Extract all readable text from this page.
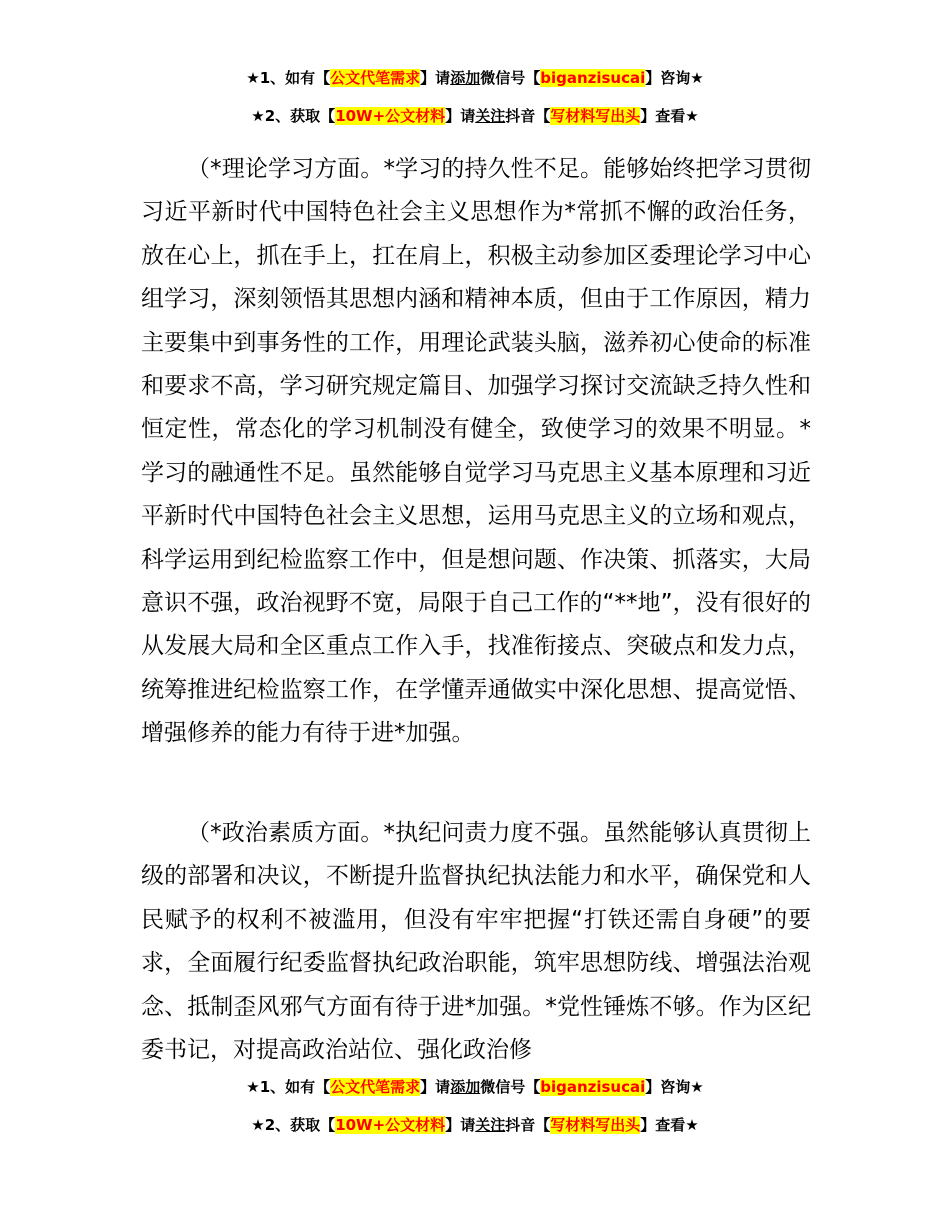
★1、如有【公文代笔需求】请添加微信号【biganzisucai】咨询★
★2、获取【10W+公文材料】请关注抖音【写材料写出头】查看★

（*理论学习方面。*学习的持久性不足。能够始终把学习贯彻习近平新时代中国特色社会主义思想作为*常抓不懈的政治任务，放在心上，抓在手上，扛在肩上，积极主动参加区委理论学习中心组学习，深刻领悟其思想内涵和精神本质，但由于工作原因，精力主要集中到事务性的工作，用理论武装头脑，滋养初心使命的标准和要求不高，学习研究规定篇目、加强学习探讨交流缺乏持久性和恒定性，常态化的学习机制没有健全，致使学习的效果不明显。*学习的融通性不足。虽然能够自觉学习马克思主义基本原理和习近平新时代中国特色社会主义思想，运用马克思主义的立场和观点，科学运用到纪检监察工作中，但是想问题、作决策、抓落实，大局意识不强，政治视野不宽，局限于自己工作的“**地”，没有很好的从发展大局和全区重点工作入手，找准衔接点、突破点和发力点，统筹推进纪检监察工作，在学懂弄通做实中深化思想、提高觉悟、增强修养的能力有待于进*加强。

（*政治素质方面。*执纪问责力度不强。虽然能够认真贯彻上级的部署和决议，不断提升监督执纪执法能力和水平，确保党和人民赋予的权利不被滥用，但没有牢牢把握“打铁还需自身硬”的要求，全面履行纪委监督执纪政治职能，筑牢思想防线、增强法治观念、抵制歪风邪气方面有待于进*加强。*党性锤炼不够。作为区纪委书记，对提高政治站位、强化政治修

★1、如有【公文代笔需求】请添加微信号【biganzisucai】咨询★
★2、获取【10W+公文材料】请关注抖音【写材料写出头】查看★
